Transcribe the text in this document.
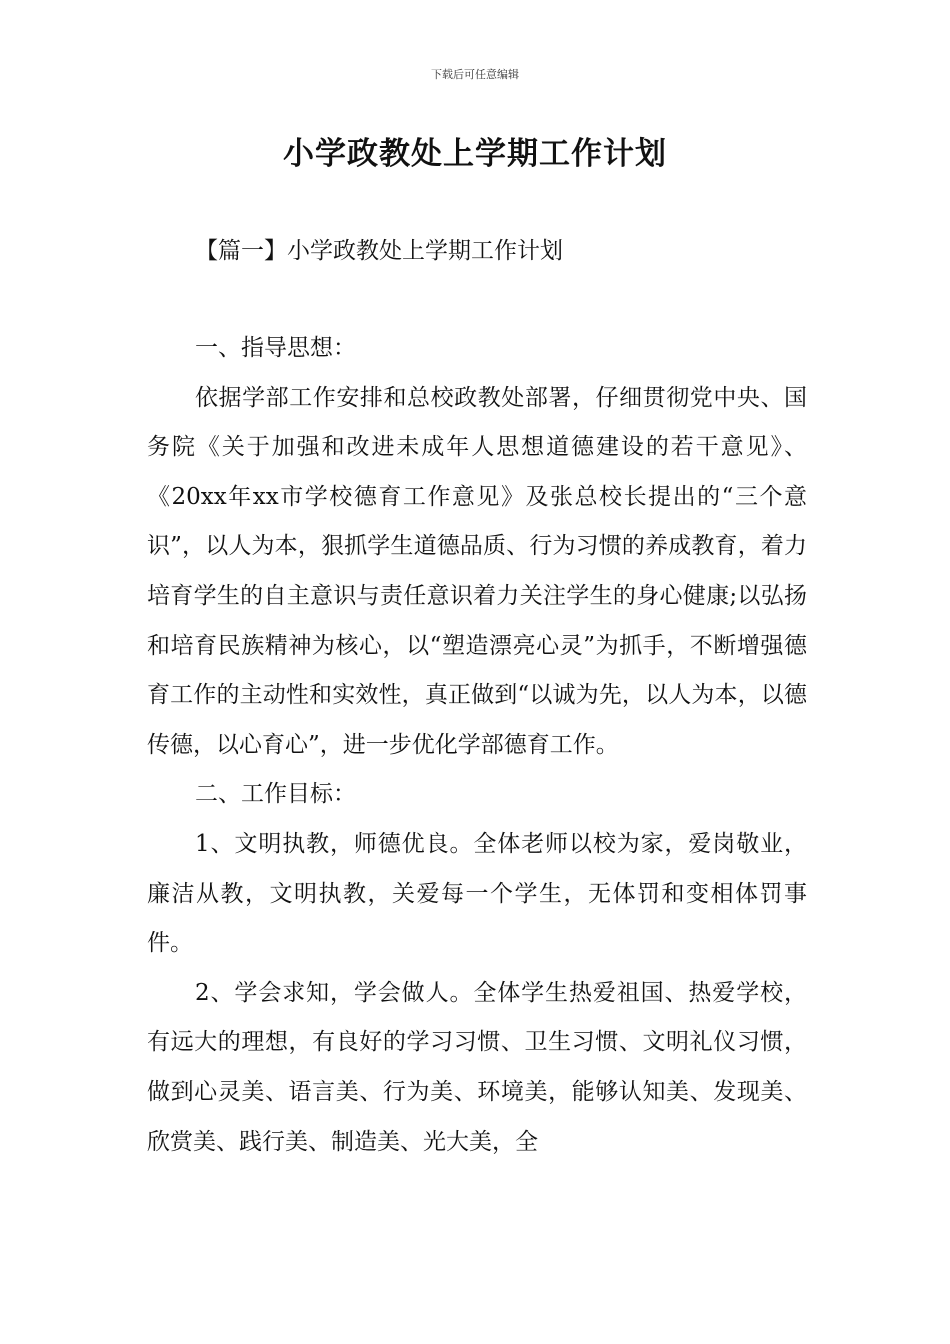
下载后可任意编辑
小学政教处上学期工作计划
【篇一】小学政教处上学期工作计划

一、指导思想：

依据学部工作安排和总校政教处部署，仔细贯彻党中央、国务院《关于加强和改进未成年人思想道德建设的若干意见》、《20xx年xx市学校德育工作意见》及张总校长提出的“三个意识”，以人为本，狠抓学生道德品质、行为习惯的养成教育，着力培育学生的自主意识与责任意识着力关注学生的身心健康;以弘扬和培育民族精神为核心，以“塑造漂亮心灵”为抓手，不断增强德育工作的主动性和实效性，真正做到“以诚为先，以人为本，以德传德，以心育心”，进一步优化学部德育工作。

二、工作目标：

1、文明执教，师德优良。全体老师以校为家，爱岗敬业，廉洁从教，文明执教，关爱每一个学生，无体罚和变相体罚事件。

2、学会求知，学会做人。全体学生热爱祖国、热爱学校，有远大的理想，有良好的学习习惯、卫生习惯、文明礼仪习惯，做到心灵美、语言美、行为美、环境美，能够认知美、发现美、欣赏美、践行美、制造美、光大美，全
